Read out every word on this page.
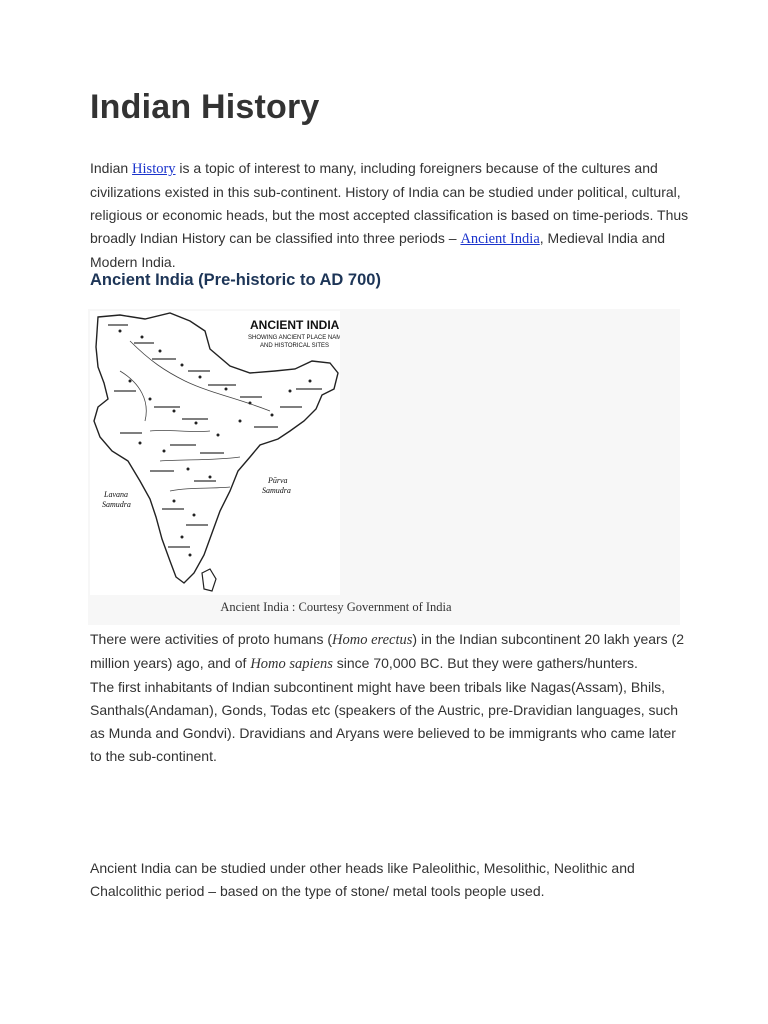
Indian History

Indian History is a topic of interest to many, including foreigners because of the cultures and civilizations existed in this sub-continent. History of India can be studied under political, cultural, religious or economic heads, but the most accepted classification is based on time-periods. Thus broadly Indian History can be classified into three periods – Ancient India, Medieval India and Modern India.

Ancient India (Pre-historic to AD 700)
ANCIENT INDIA
SHOWING ANCIENT PLACE NAMES
AND HISTORICAL SITES
Lavana
Samudra
Pūrva
Samudra
Ancient India : Courtesy Government of India

There were activities of proto humans (Homo erectus) in the Indian subcontinent 20 lakh years (2 million years) ago, and of Homo sapiens since 70,000 BC. But they were gathers/hunters.
The first inhabitants of Indian subcontinent might have been tribals like Nagas(Assam), Bhils, Santhals(Andaman), Gonds, Todas etc (speakers of the Austric, pre-Dravidian languages, such as Munda and Gondvi). Dravidians and Aryans were believed to be immigrants who came later to the sub-continent.

Ancient India can be studied under other heads like Paleolithic, Mesolithic, Neolithic and Chalcolithic period – based on the type of stone/ metal tools people used.
